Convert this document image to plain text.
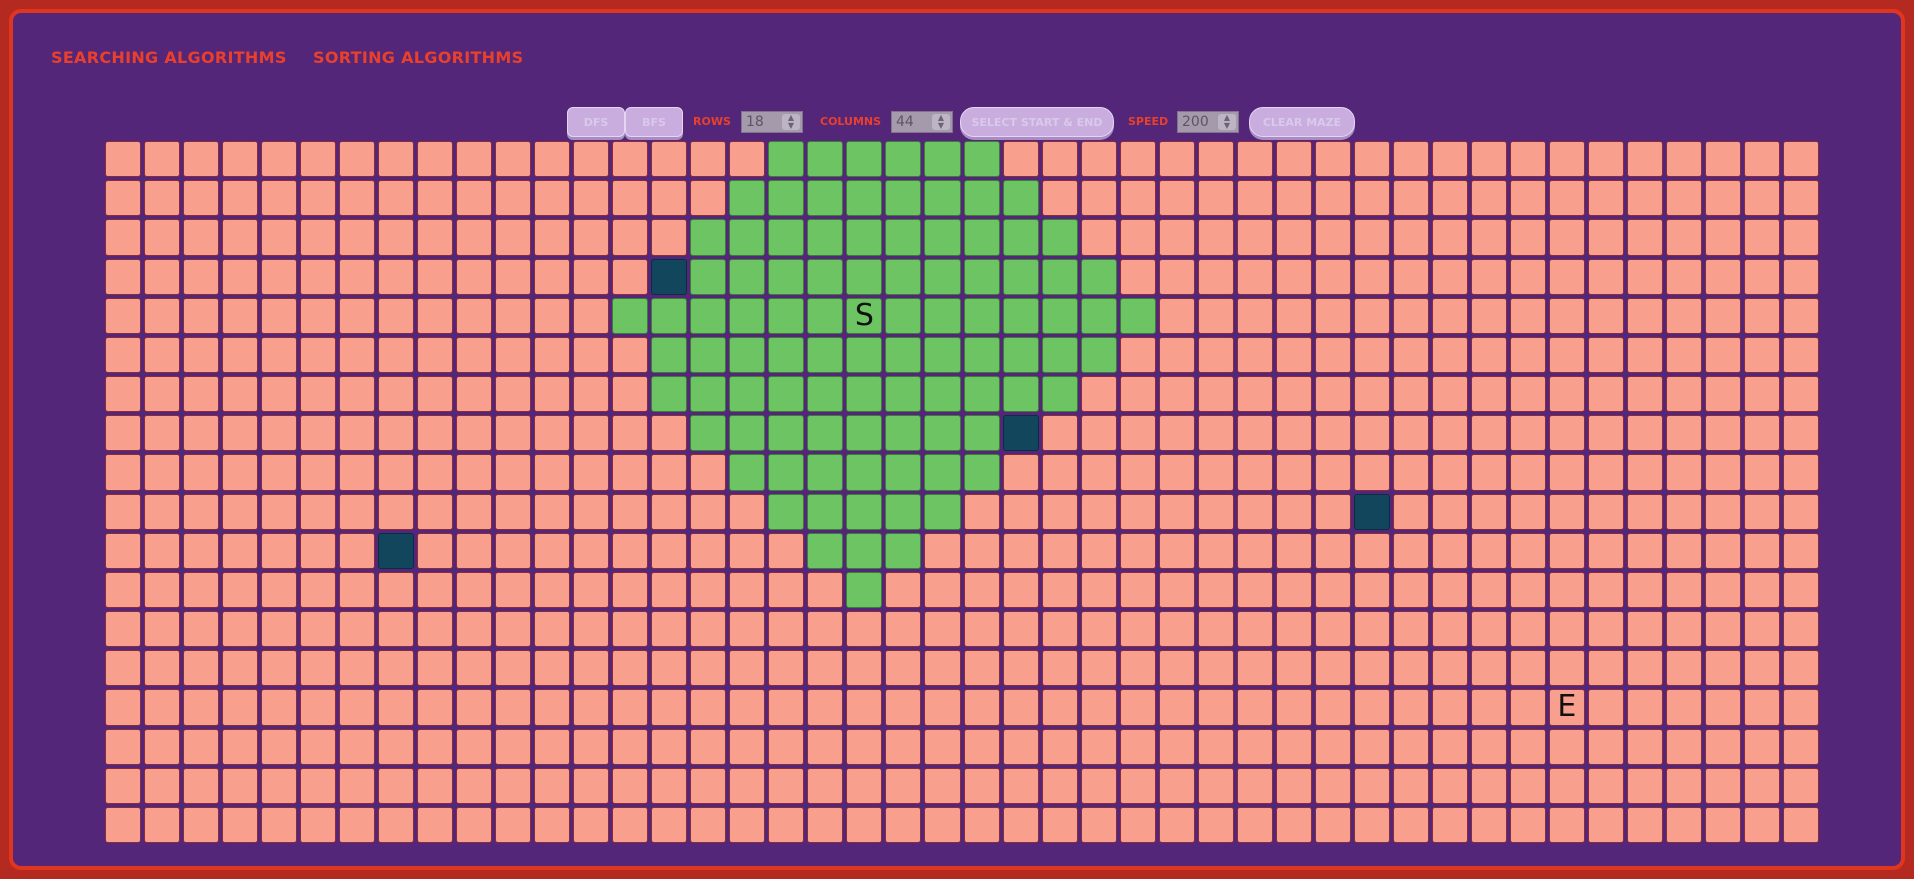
SEARCHING ALGORITHMS SORTING ALGORITHMS
DFS	BFS	ROWS 18	▲
▼	COLUMNS 44	▲
▼	SELECT START & END	SPEED 200	▲
▼	CLEAR MAZE
S
E
